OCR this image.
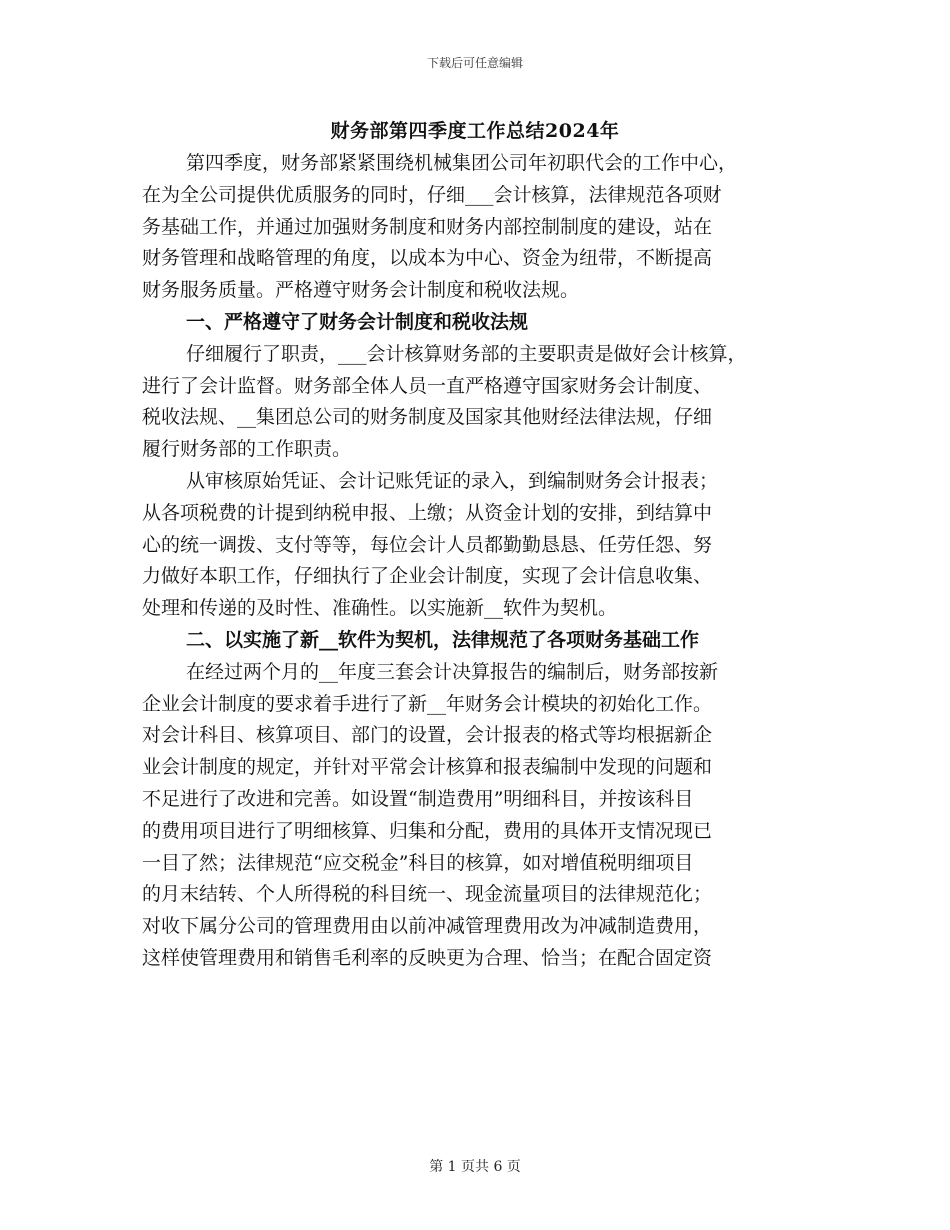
下载后可任意编辑
财务部第四季度工作总结2024年
第四季度，财务部紧紧围绕机械集团公司年初职代会的工作中心，
在为全公司提供优质服务的同时，仔细___会计核算，法律规范各项财
务基础工作，并通过加强财务制度和财务内部控制制度的建设，站在
财务管理和战略管理的角度，以成本为中心、资金为纽带，不断提高
财务服务质量。严格遵守财务会计制度和税收法规。
一、严格遵守了财务会计制度和税收法规
仔细履行了职责，___会计核算财务部的主要职责是做好会计核算，
进行了会计监督。财务部全体人员一直严格遵守国家财务会计制度、
税收法规、__集团总公司的财务制度及国家其他财经法律法规，仔细
履行财务部的工作职责。
从审核原始凭证、会计记账凭证的录入，到编制财务会计报表；
从各项税费的计提到纳税申报、上缴；从资金计划的安排，到结算中
心的统一调拨、支付等等，每位会计人员都勤勤恳恳、任劳任怨、努
力做好本职工作，仔细执行了企业会计制度，实现了会计信息收集、
处理和传递的及时性、准确性。以实施新__软件为契机。
二、以实施了新__软件为契机，法律规范了各项财务基础工作
在经过两个月的__年度三套会计决算报告的编制后，财务部按新
企业会计制度的要求着手进行了新__年财务会计模块的初始化工作。
对会计科目、核算项目、部门的设置，会计报表的格式等均根据新企
业会计制度的规定，并针对平常会计核算和报表编制中发现的问题和
不足进行了改进和完善。如设置“制造费用”明细科目，并按该科目
的费用项目进行了明细核算、归集和分配，费用的具体开支情况现已
一目了然；法律规范“应交税金”科目的核算，如对增值税明细项目
的月末结转、个人所得税的科目统一、现金流量项目的法律规范化；
对收下属分公司的管理费用由以前冲减管理费用改为冲减制造费用，
这样使管理费用和销售毛利率的反映更为合理、恰当；在配合固定资
第 1 页共 6 页
